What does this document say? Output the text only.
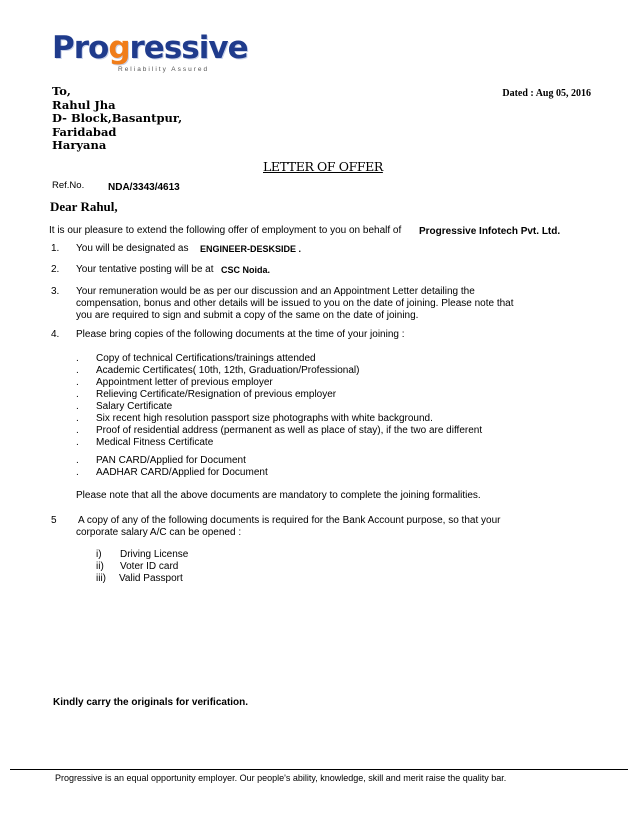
Progressive
Reliability Assured
To,
Rahul Jha
D- Block,Basantpur,
Faridabad
Haryana
Dated : Aug 05, 2016
LETTER OF OFFER
Ref.No. NDA/3343/4613
Dear Rahul,
It is our pleasure to extend the following offer of employment to you on behalf of Progressive Infotech Pvt. Ltd.
1. You will be designated as ENGINEER-DESKSIDE .
2. Your tentative posting will be at CSC Noida.
3. Your remuneration would be as per our discussion and an Appointment Letter detailing the
compensation, bonus and other details will be issued to you on the date of joining. Please note that
you are required to sign and submit a copy of the same on the date of joining.
4. Please bring copies of the following documents at the time of your joining :
. Copy of technical Certifications/trainings attended
. Academic Certificates( 10th, 12th, Graduation/Professional)
. Appointment letter of previous employer
. Relieving Certificate/Resignation of previous employer
. Salary Certificate
. Six recent high resolution passport size photographs with white background.
. Proof of residential address (permanent as well as place of stay), if the two are different
. Medical Fitness Certificate
. PAN CARD/Applied for Document
. AADHAR CARD/Applied for Document
Please note that all the above documents are mandatory to complete the joining formalities.
5 A copy of any of the following documents is required for the Bank Account purpose, so that your
corporate salary A/C can be opened :
i) Driving License
ii) Voter ID card
iii) Valid Passport
Kindly carry the originals for verification.
Progressive is an equal opportunity employer. Our people's ability, knowledge, skill and merit raise the quality bar.
